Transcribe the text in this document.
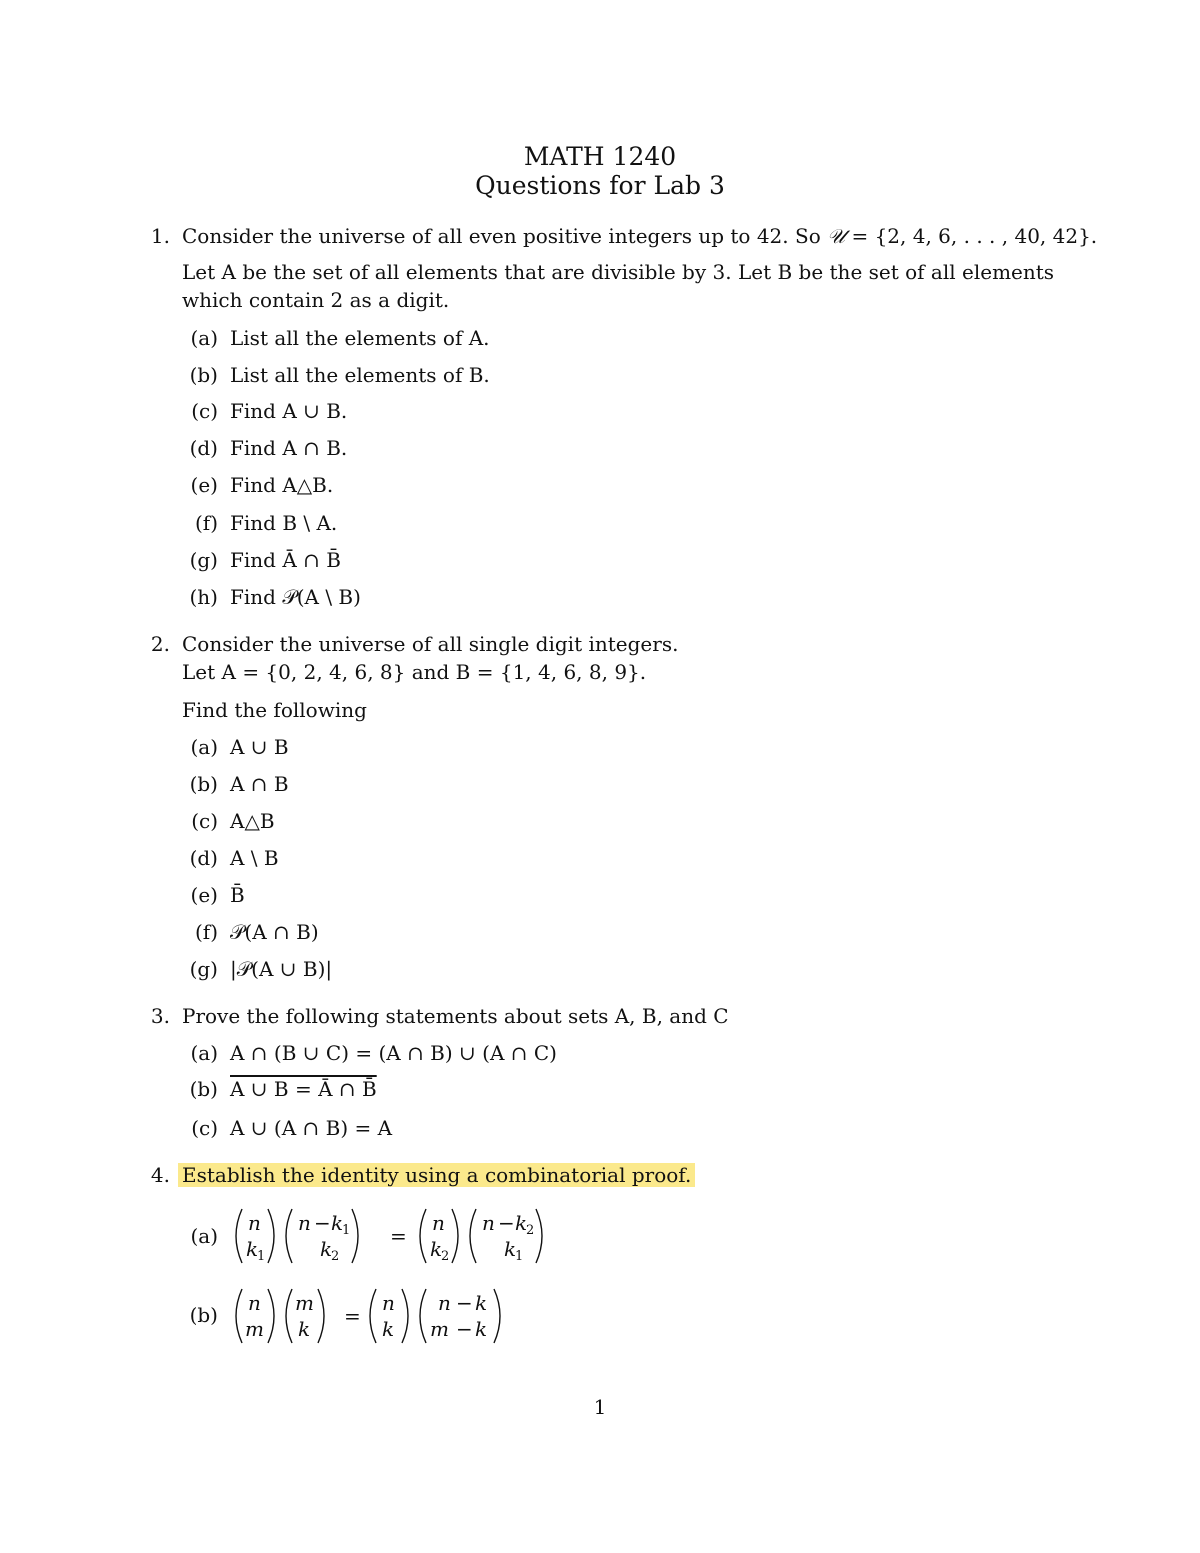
MATH 1240
Questions for Lab 3
1. Consider the universe of all even positive integers up to 42. So 𝒰 = {2, 4, 6, . . . , 40, 42}.
Let A be the set of all elements that are divisible by 3. Let B be the set of all elements
which contain 2 as a digit.
(a) List all the elements of A.
(b) List all the elements of B.
(c) Find A ∪ B.
(d) Find A ∩ B.
(e) Find A△B.
(f) Find B \ A.
(g) Find Ā ∩ B̄
(h) Find 𝒫(A \ B)
2. Consider the universe of all single digit integers.
Let A = {0, 2, 4, 6, 8} and B = {1, 4, 6, 8, 9}.
Find the following
(a) A ∪ B
(b) A ∩ B
(c) A△B
(d) A \ B
(e) B̄
(f) 𝒫(A ∩ B)
(g) |𝒫(A ∪ B)|
3. Prove the following statements about sets A, B, and C
(a) A ∩ (B ∪ C) = (A ∩ B) ∪ (A ∩ C)
(b) A ∪ B = Ā ∩ B̄
(c) A ∪ (A ∩ B) = A
4. Establish the identity using a combinatorial proof.
(a)
n
k
1
n − k
1
k
2
=
n
k
2
n − k
2
k
1
(b) n
m
m
k
=
n
k
n − k
m − k
1
